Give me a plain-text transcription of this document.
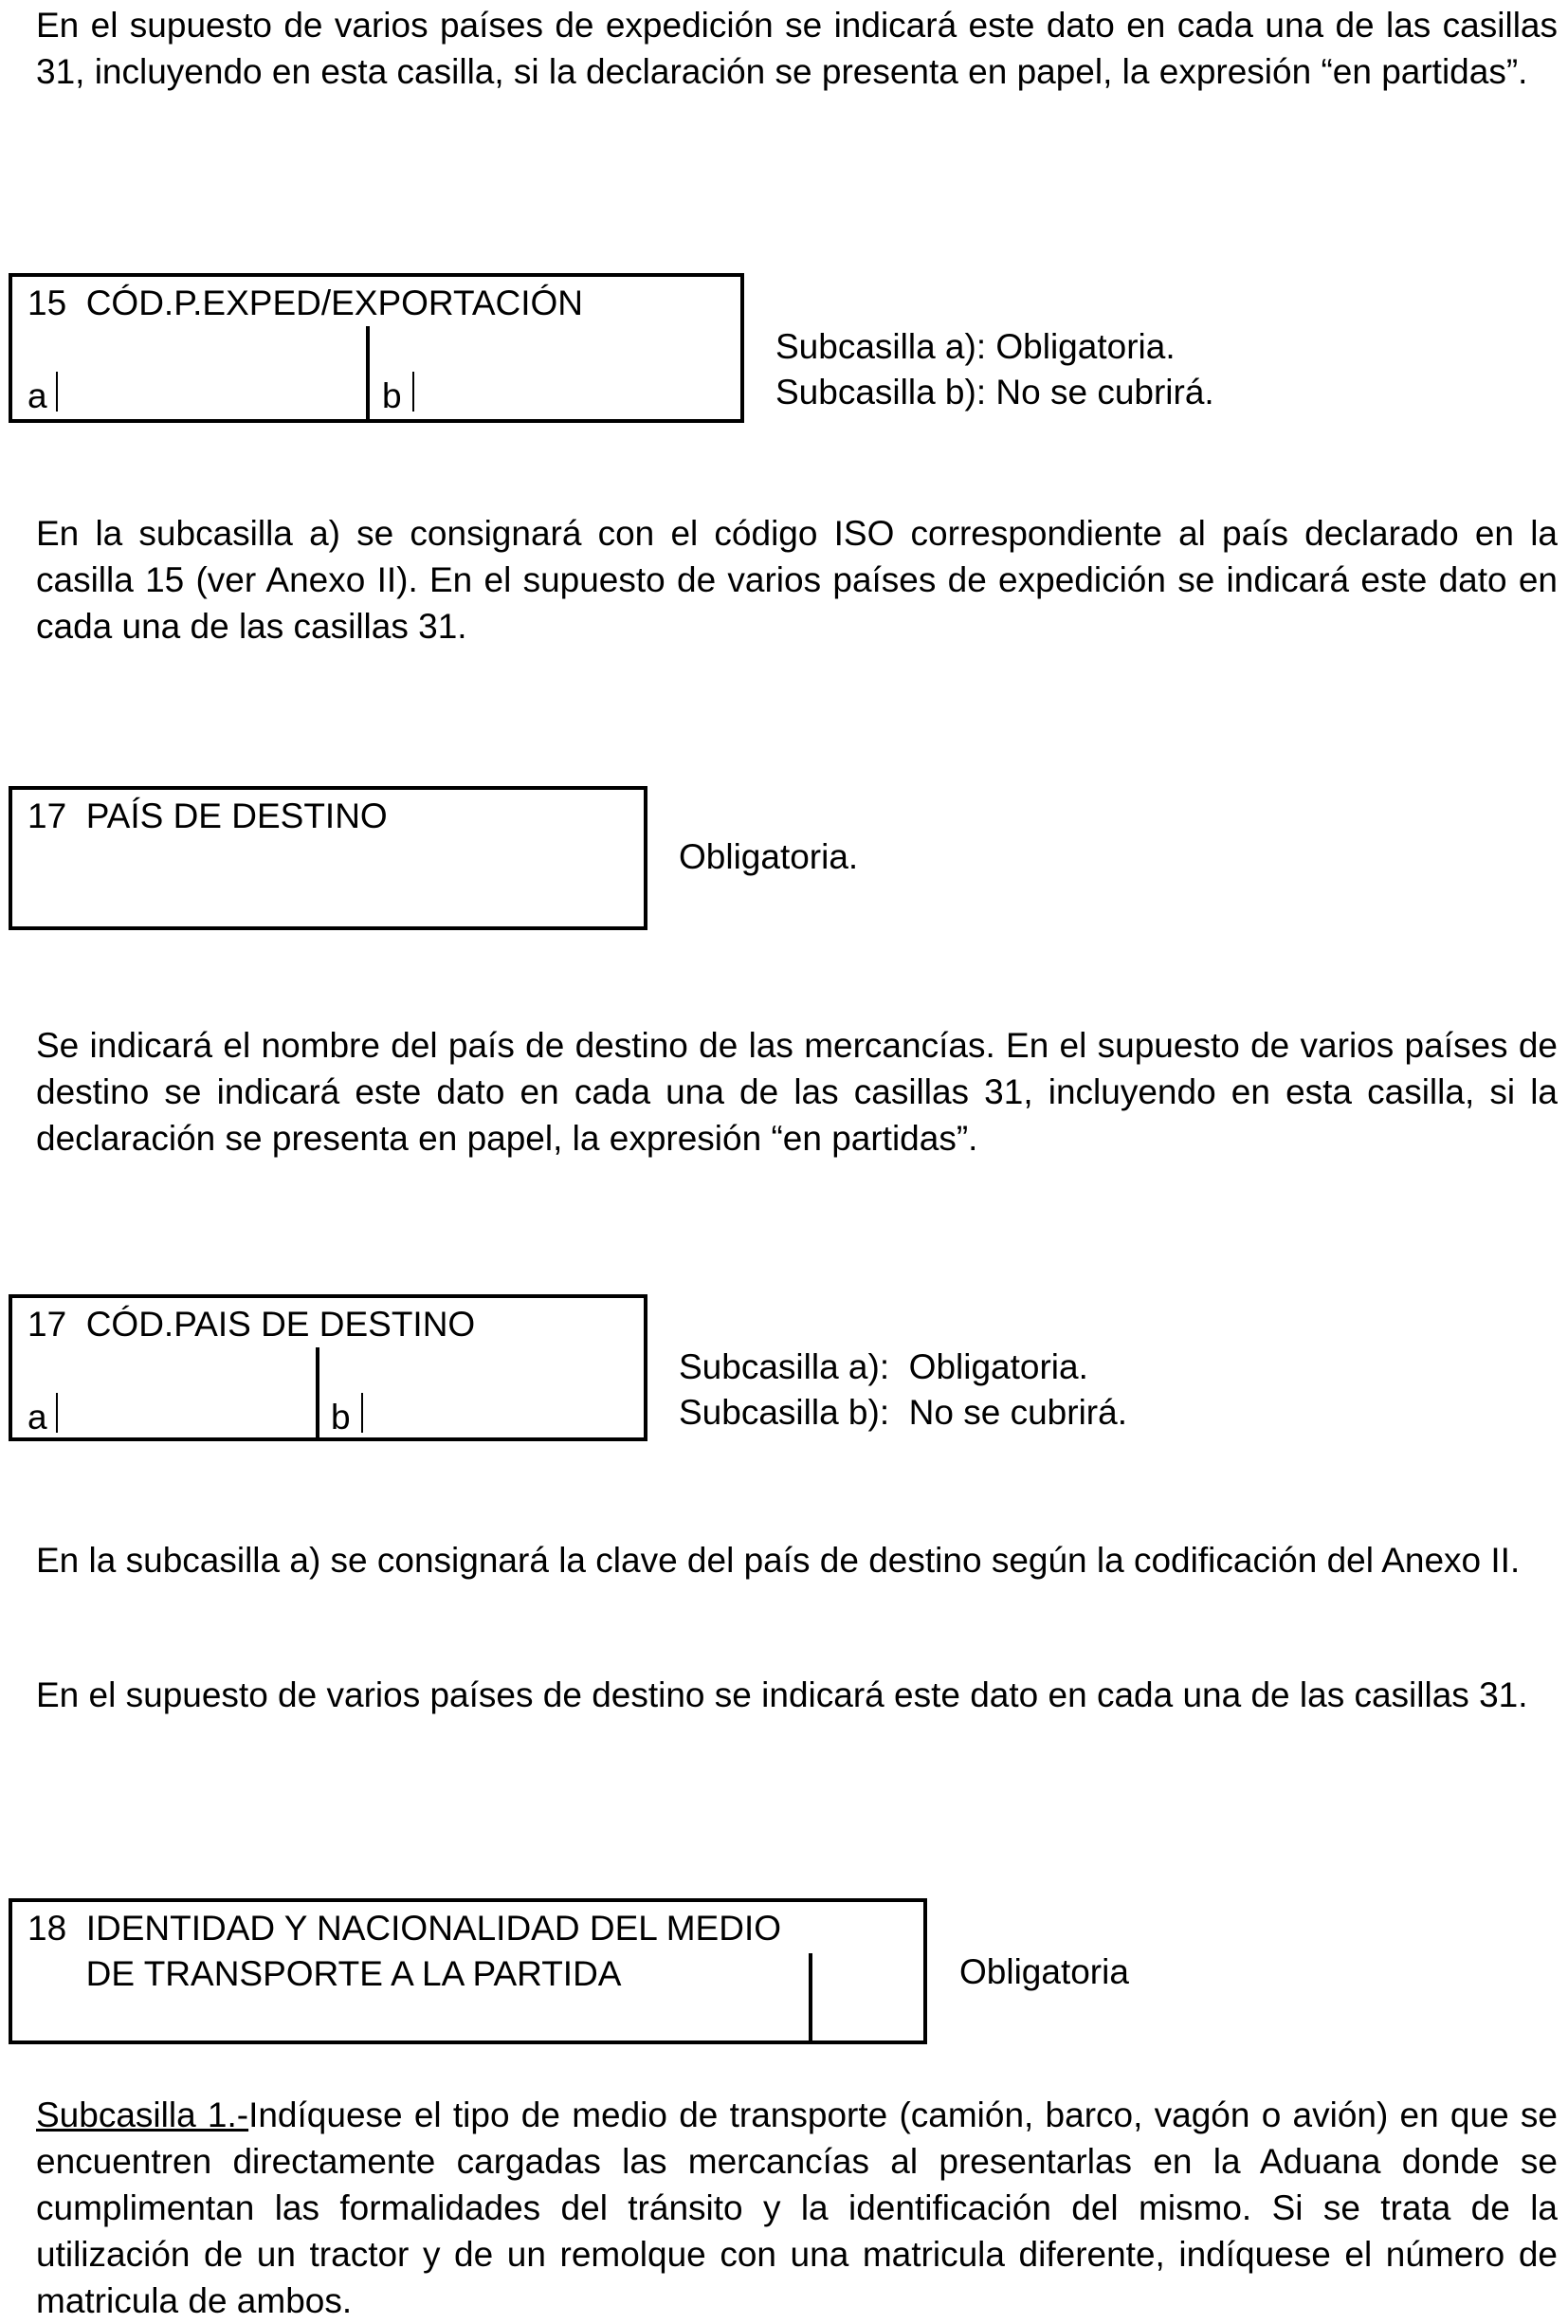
En el supuesto de varios países de expedición se indicará este dato en cada una de las casillas 31, incluyendo en esta casilla, si la declaración se presenta en papel, la expresión “en partidas”.

15  CÓD.P.EXPED/EXPORTACIÓN
a	b
Subcasilla a): Obligatoria.
Subcasilla b): No se cubrirá.

En la subcasilla a) se consignará con el código ISO correspondiente al país declarado en la casilla 15 (ver Anexo II). En el supuesto de varios países de expedición se indicará este dato en cada una de las casillas 31.

17  PAÍS DE DESTINO
Obligatoria.

Se indicará el nombre del país de destino de las mercancías. En el supuesto de varios países de destino se indicará este dato en cada una de las casillas 31, incluyendo en esta casilla, si la declaración se presenta en papel, la expresión “en partidas”.

17  CÓD.PAIS DE DESTINO
a	b
Subcasilla a):  Obligatoria.
Subcasilla b):  No se cubrirá.

En la subcasilla a) se consignará la clave del país de destino según la codificación del Anexo II.

En el supuesto de varios países de destino se indicará este dato en cada una de las casillas 31.

18  IDENTIDAD Y NACIONALIDAD DEL MEDIO
DE TRANSPORTE A LA PARTIDA	Obligatoria

Subcasilla 1.-Indíquese el tipo de medio de transporte (camión, barco, vagón o avión) en que se encuentren directamente cargadas las mercancías al presentarlas en la Aduana donde se cumplimentan las formalidades del tránsito y la identificación del mismo. Si se trata de la utilización de un tractor y de un remolque con una matricula diferente, indíquese el número de matricula de ambos.
